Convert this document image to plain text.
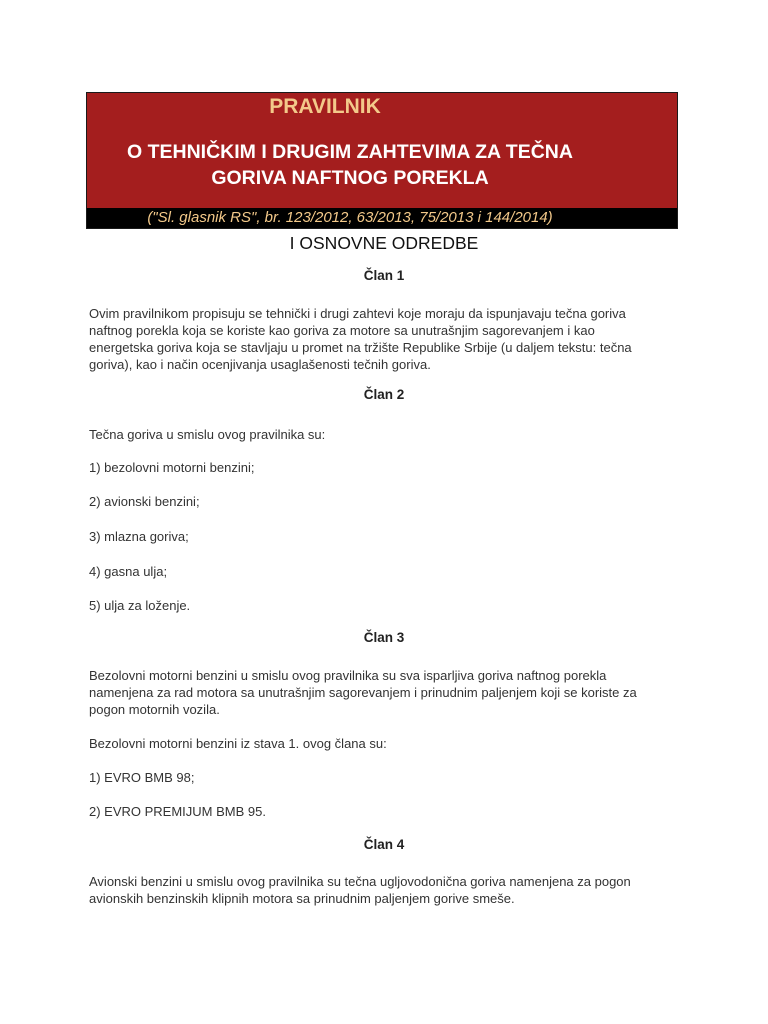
PRAVILNIK
O TEHNIČKIM I DRUGIM ZAHTEVIMA ZA TEČNA
GORIVA NAFTNOG POREKLA
("Sl. glasnik RS", br. 123/2012, 63/2013, 75/2013 i 144/2014)
I OSNOVNE ODREDBE
Član 1
Ovim pravilnikom propisuju se tehnički i drugi zahtevi koje moraju da ispunjavaju tečna goriva
naftnog porekla koja se koriste kao goriva za motore sa unutrašnjim sagorevanjem i kao
energetska goriva koja se stavljaju u promet na tržište Republike Srbije (u daljem tekstu: tečna
goriva), kao i način ocenjivanja usaglašenosti tečnih goriva.
Član 2
Tečna goriva u smislu ovog pravilnika su:
1) bezolovni motorni benzini;
2) avionski benzini;
3) mlazna goriva;
4) gasna ulja;
5) ulja za loženje.
Član 3
Bezolovni motorni benzini u smislu ovog pravilnika su sva isparljiva goriva naftnog porekla
namenjena za rad motora sa unutrašnjim sagorevanjem i prinudnim paljenjem koji se koriste za
pogon motornih vozila.
Bezolovni motorni benzini iz stava 1. ovog člana su:
1) EVRO BMB 98;
2) EVRO PREMIJUM BMB 95.
Član 4
Avionski benzini u smislu ovog pravilnika su tečna ugljovodonična goriva namenjena za pogon
avionskih benzinskih klipnih motora sa prinudnim paljenjem gorive smeše.
